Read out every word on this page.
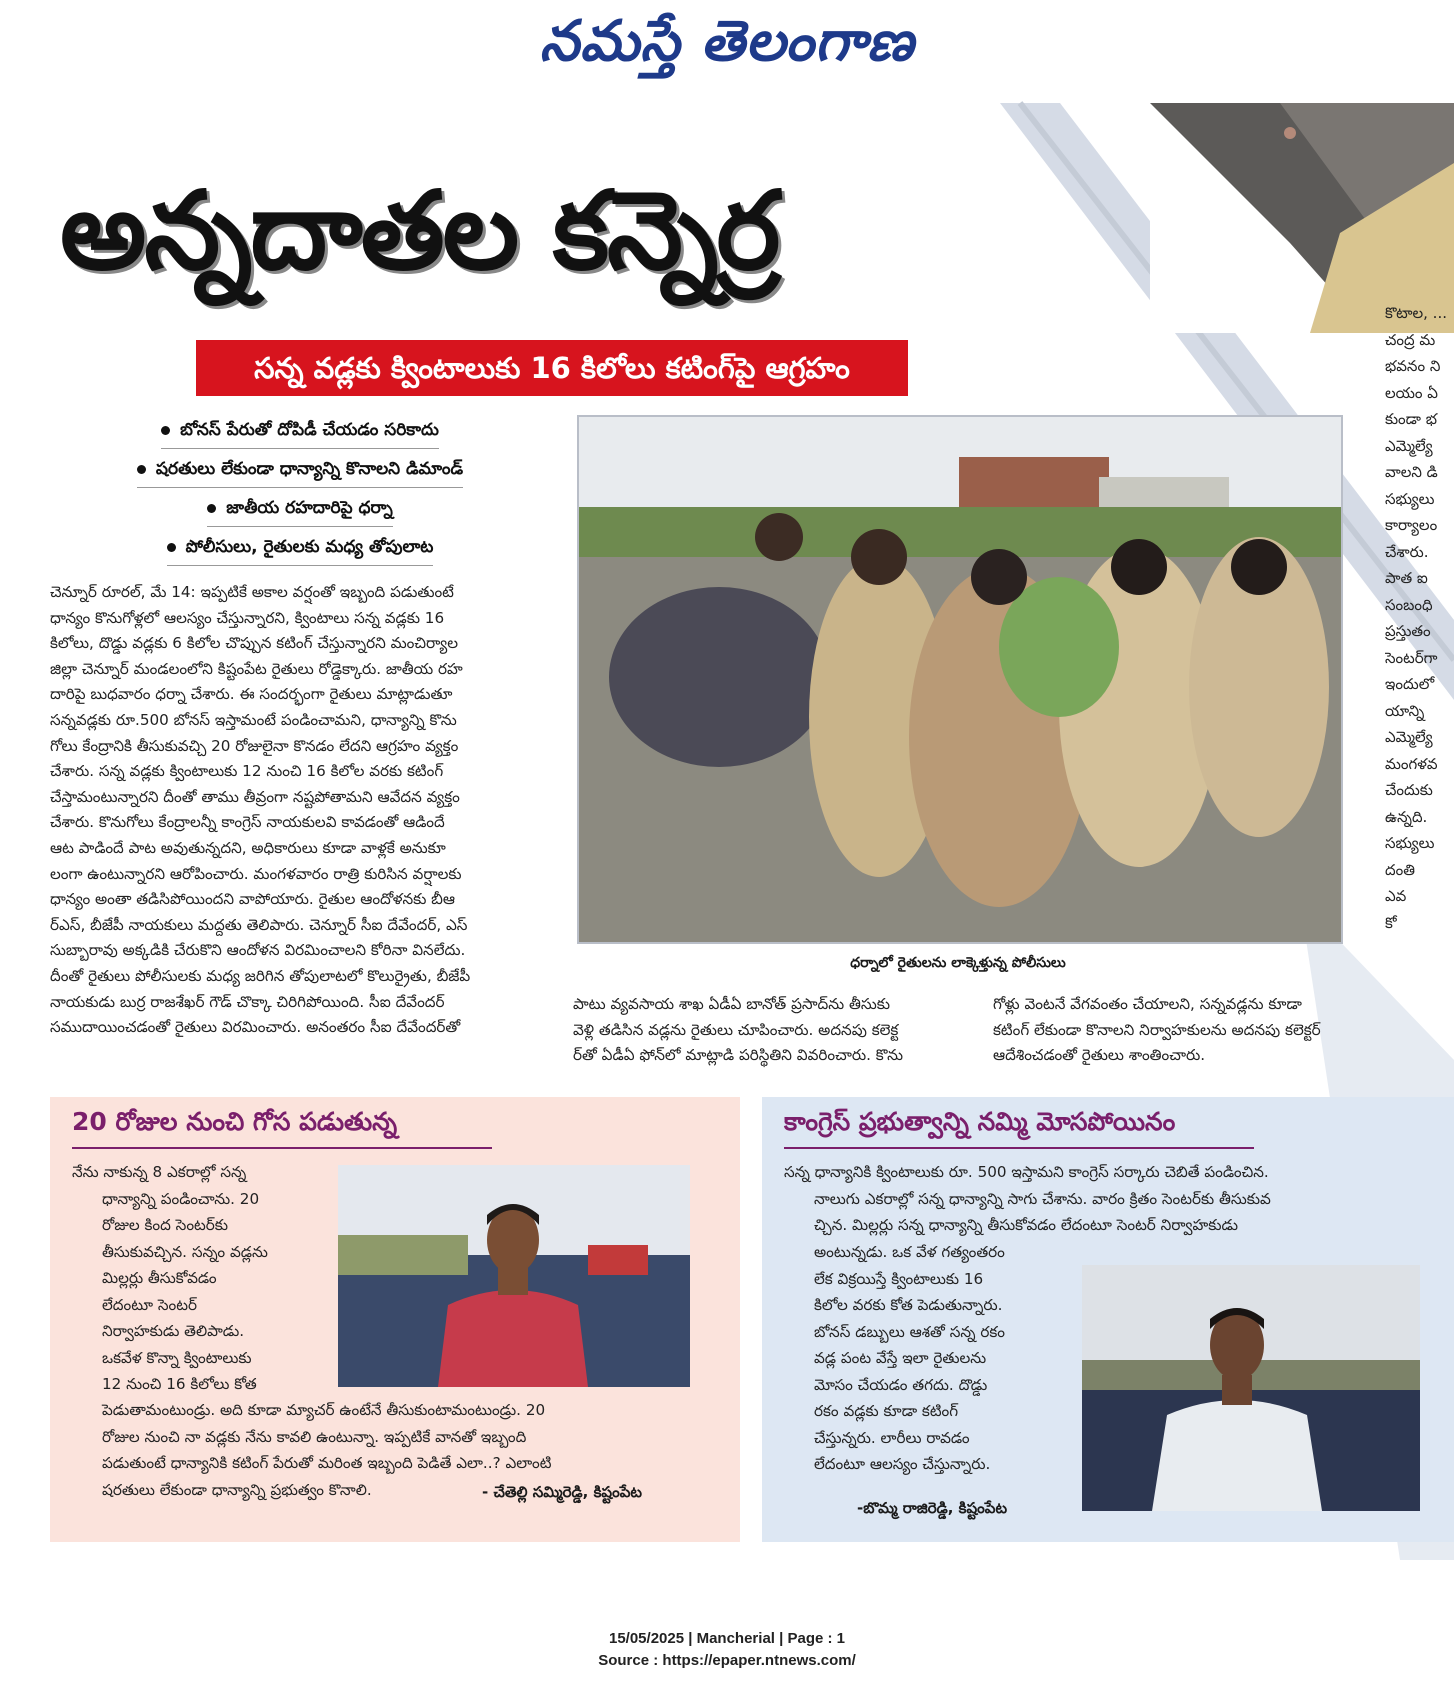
నమస్తే తెలంగాణ
అన్నదాతల కన్నెర్ర
సన్న వడ్లకు క్వింటాలుకు 16 కిలోలు కటింగ్‌పై ఆగ్రహం
బోనస్ పేరుతో దోపిడీ చేయడం సరికాదు
షరతులు లేకుండా ధాన్యాన్ని కొనాలని డిమాండ్
జాతీయ రహదారిపై ధర్నా
పోలీసులు, రైతులకు మధ్య తోపులాట
ధర్నాలో రైతులను లాక్కెళ్తున్న పోలీసులు
చెన్నూర్ రూరల్, మే 14: ఇప్పటికే అకాల వర్షంతో ఇబ్బంది పడుతుంటే
ధాన్యం కొనుగోళ్లలో ఆలస్యం చేస్తున్నారని, క్వింటాలు సన్న వడ్లకు 16
కిలోలు, దొడ్డు వడ్లకు 6 కిలోల చొప్పున కటింగ్ చేస్తున్నారని మంచిర్యాల
జిల్లా చెన్నూర్ మండలంలోని కిష్టంపేట రైతులు రోడ్డెక్కారు. జాతీయ రహ
దారిపై బుధవారం ధర్నా చేశారు. ఈ సందర్భంగా రైతులు మాట్లాడుతూ
సన్నవడ్లకు రూ.500 బోనస్ ఇస్తామంటే పండించామని, ధాన్యాన్ని కొను
గోలు కేంద్రానికి తీసుకువచ్చి 20 రోజులైనా కొనడం లేదని ఆగ్రహం వ్యక్తం
చేశారు. సన్న వడ్లకు క్వింటాలుకు 12 నుంచి 16 కిలోల వరకు కటింగ్
చేస్తామంటున్నారని దీంతో తాము తీవ్రంగా నష్టపోతామని ఆవేదన వ్యక్తం
చేశారు. కొనుగోలు కేంద్రాలన్నీ కాంగ్రెస్ నాయకులవి కావడంతో ఆడిందే
ఆట పాడిందే పాట అవుతున్నదని, అధికారులు కూడా వాళ్లకే అనుకూ
లంగా ఉంటున్నారని ఆరోపించారు. మంగళవారం రాత్రి కురిసిన వర్షాలకు
ధాన్యం అంతా తడిసిపోయిందని వాపోయారు. రైతుల ఆందోళనకు బీఆ
ర్ఎస్, బీజేపీ నాయకులు మద్దతు తెలిపారు. చెన్నూర్ సీఐ దేవేందర్, ఎస్
సుబ్బారావు అక్కడికి చేరుకొని ఆందోళన విరమించాలని కోరినా వినలేదు.
దీంతో రైతులు పోలీసులకు మధ్య జరిగిన తోపులాటలో కొలుర్రైతు, బీజేపీ
నాయకుడు బుర్ర రాజశేఖర్ గౌడ్ చొక్కా చిరిగిపోయింది. సీఐ దేవేందర్
సముదాయించడంతో రైతులు విరమించారు. అనంతరం సీఐ దేవేందర్‌తో
పాటు వ్యవసాయ శాఖ ఏడీఏ బానోత్ ప్రసాద్‌ను తీసుకు
వెళ్లి తడిసిన వడ్లను రైతులు చూపించారు. అదనపు కలెక్ట
ర్‌తో ఏడీఏ ఫోన్‌లో మాట్లాడి పరిస్థితిని వివరించారు. కొను
గోళ్లు వెంటనే వేగవంతం చేయాలని, సన్నవడ్లను కూడా
కటింగ్ లేకుండా కొనాలని నిర్వాహకులను అదనపు కలెక్టర్
ఆదేశించడంతో రైతులు శాంతించారు.
కొటాల, ...
చంద్ర మ
భవనం ని
లయం ఏ
కుండా భ
ఎమ్మెల్యే
వాలని డి
సభ్యులు
కార్యాలం
చేశారు.
పాత ఐ
సంబంధి
ప్రస్తుతం
సెంటర్‌గా
ఇందులో
యాన్ని
ఎమ్మెల్యే
మంగళవ
చేందుకు
ఉన్నది.
సభ్యులు
దంతి
ఎవ
కో
20 రోజుల నుంచి గోస పడుతున్న
నేను నాకున్న 8 ఎకరాల్లో సన్న
ధాన్యాన్ని పండించాను. 20
రోజుల కింద సెంటర్‌కు
తీసుకువచ్చిన. సన్నం వడ్లను
మిల్లర్లు తీసుకోవడం
లేదంటూ సెంటర్
నిర్వాహకుడు తెలిపాడు.
ఒకవేళ కొన్నా క్వింటాలుకు
12 నుంచి 16 కిలోలు కోత
పెడుతామంటుండ్రు. అది కూడా మ్యాచర్ ఉంటేనే తీసుకుంటామంటుండ్రు. 20
రోజుల నుంచి నా వడ్లకు నేను కావలి ఉంటున్నా. ఇప్పటికే వానతో ఇబ్బంది
పడుతుంటే ధాన్యానికి కటింగ్ పేరుతో మరింత ఇబ్బంది పెడితే ఎలా..? ఎలాంటి
షరతులు లేకుండా ధాన్యాన్ని ప్రభుత్వం కొనాలి.	- చేతెల్లి సమ్మిరెడ్డి, కిష్టంపేట
కాంగ్రెస్ ప్రభుత్వాన్ని నమ్మి మోసపోయినం
సన్న ధాన్యానికి క్వింటాలుకు రూ. 500 ఇస్తామని కాంగ్రెస్ సర్కారు చెబితే పండించిన.
నాలుగు ఎకరాల్లో సన్న ధాన్యాన్ని సాగు చేశాను. వారం క్రితం సెంటర్‌కు తీసుకువ
చ్చిన. మిల్లర్లు సన్న ధాన్యాన్ని తీసుకోవడం లేదంటూ సెంటర్ నిర్వాహకుడు
అంటున్నడు. ఒక వేళ గత్యంతరం
లేక విక్రయిస్తే క్వింటాలుకు 16
కిలోల వరకు కోత పెడుతున్నారు.
బోనస్ డబ్బులు ఆశతో సన్న రకం
వడ్ల పంట వేస్తే ఇలా రైతులను
మోసం చేయడం తగదు. దొడ్డు
రకం వడ్లకు కూడా కటింగ్
చేస్తున్నరు. లారీలు రావడం
లేదంటూ ఆలస్యం చేస్తున్నారు.
-బొమ్మ రాజిరెడ్డి, కిష్టంపేట
15/05/2025 | Mancherial | Page : 1
Source : https://epaper.ntnews.com/
